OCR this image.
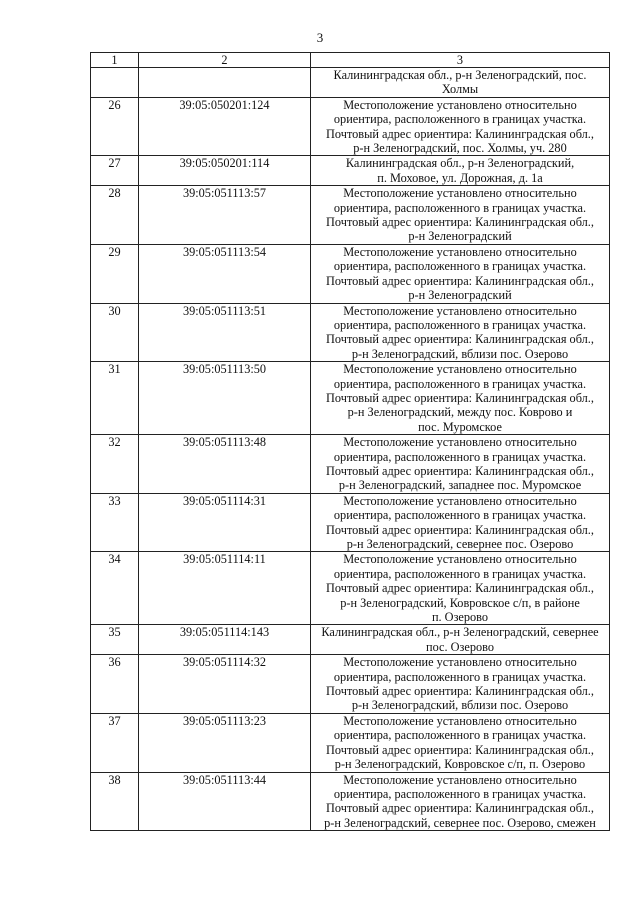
3
1	2	3
		Калининградская обл., р-н Зеленоградский, пос.
Холмы
26	39:05:050201:124	Местоположение установлено относительно
ориентира, расположенного в границах участка.
Почтовый адрес ориентира: Калининградская обл.,
р-н Зеленоградский, пос. Холмы, уч. 280
27	39:05:050201:114	Калининградская обл., р-н Зеленоградский,
п. Моховое, ул. Дорожная, д. 1а
28	39:05:051113:57	Местоположение установлено относительно
ориентира, расположенного в границах участка.
Почтовый адрес ориентира: Калининградская обл.,
р-н Зеленоградский
29	39:05:051113:54	Местоположение установлено относительно
ориентира, расположенного в границах участка.
Почтовый адрес ориентира: Калининградская обл.,
р-н Зеленоградский
30	39:05:051113:51	Местоположение установлено относительно
ориентира, расположенного в границах участка.
Почтовый адрес ориентира: Калининградская обл.,
р-н Зеленоградский, вблизи пос. Озерово
31	39:05:051113:50	Местоположение установлено относительно
ориентира, расположенного в границах участка.
Почтовый адрес ориентира: Калининградская обл.,
р-н Зеленоградский, между пос. Коврово и
пос. Муромское
32	39:05:051113:48	Местоположение установлено относительно
ориентира, расположенного в границах участка.
Почтовый адрес ориентира: Калининградская обл.,
р-н Зеленоградский, западнее пос. Муромское
33	39:05:051114:31	Местоположение установлено относительно
ориентира, расположенного в границах участка.
Почтовый адрес ориентира: Калининградская обл.,
р-н Зеленоградский, севернее пос. Озерово
34	39:05:051114:11	Местоположение установлено относительно
ориентира, расположенного в границах участка.
Почтовый адрес ориентира: Калининградская обл.,
р-н Зеленоградский, Ковровское с/п, в районе
п. Озерово
35	39:05:051114:143	Калининградская обл., р-н Зеленоградский, севернее
пос. Озерово
36	39:05:051114:32	Местоположение установлено относительно
ориентира, расположенного в границах участка.
Почтовый адрес ориентира: Калининградская обл.,
р-н Зеленоградский, вблизи пос. Озерово
37	39:05:051113:23	Местоположение установлено относительно
ориентира, расположенного в границах участка.
Почтовый адрес ориентира: Калининградская обл.,
р-н Зеленоградский, Ковровское с/п, п. Озерово
38	39:05:051113:44	Местоположение установлено относительно
ориентира, расположенного в границах участка.
Почтовый адрес ориентира: Калининградская обл.,
р-н Зеленоградский, севернее пос. Озерово, смежен
